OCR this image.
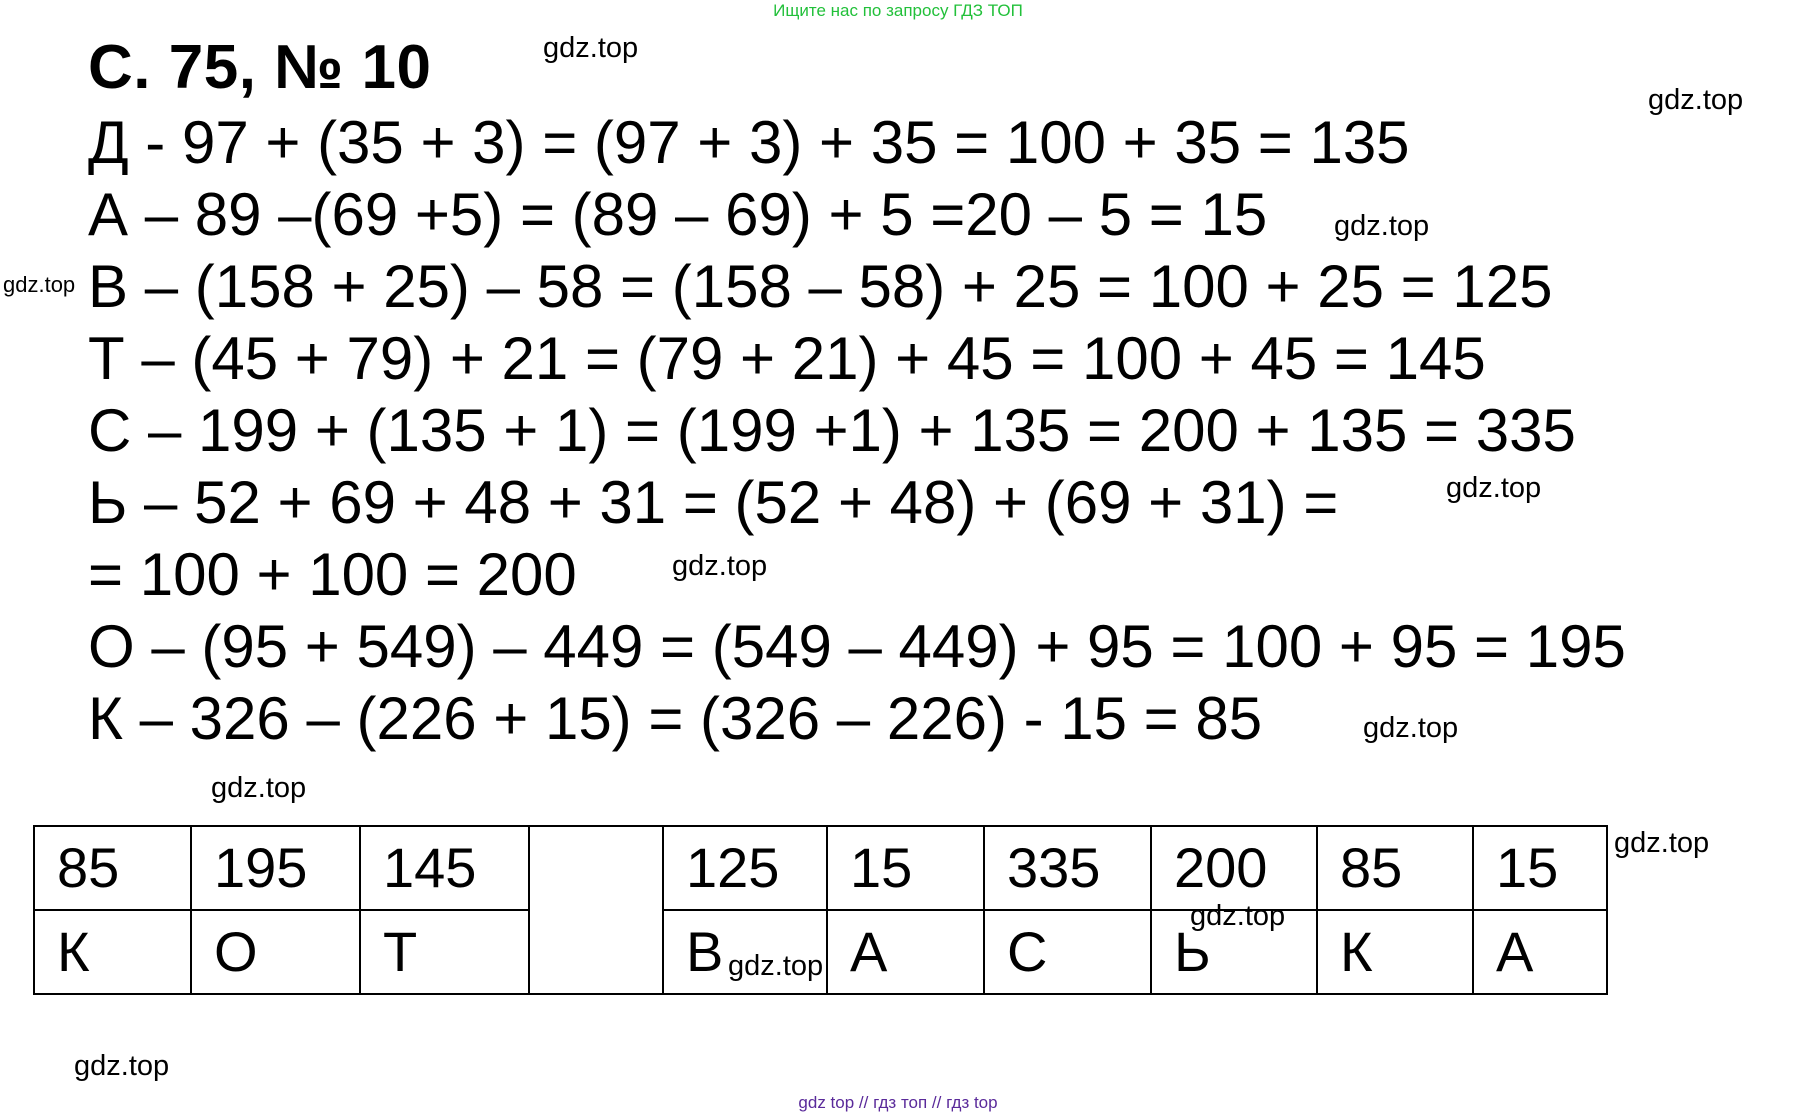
Ищите нас по запросу ГДЗ ТОП
С. 75, № 10
Д - 97 + (35 + 3) = (97 + 3) + 35 = 100 + 35 = 135
А – 89 –(69 +5) = (89 – 69) + 5 =20 – 5 = 15
В – (158 + 25) – 58 = (158 – 58) + 25 = 100 + 25 = 125
Т – (45 + 79) + 21 = (79 + 21) + 45 = 100 + 45 = 145
С – 199 + (135 + 1) = (199 +1) + 135 = 200 + 135 = 335
Ь – 52 + 69 + 48 + 31 = (52 + 48) + (69 + 31) =
= 100 + 100 = 200
О – (95 + 549) – 449 = (549 – 449) + 95 = 100 + 95 = 195
К – 326 – (226 + 15) = (326 – 226) - 15 = 85
85	195	145		125	15	335	200	85	15
К	О	Т		В	А	С	Ь	К	А
gdz.top
gdz.top
gdz.top
gdz.top
gdz.top
gdz.top
gdz.top
gdz.top
gdz.top
gdz.top
gdz.top
gdz.top
gdz top // гдз топ // гдз top
